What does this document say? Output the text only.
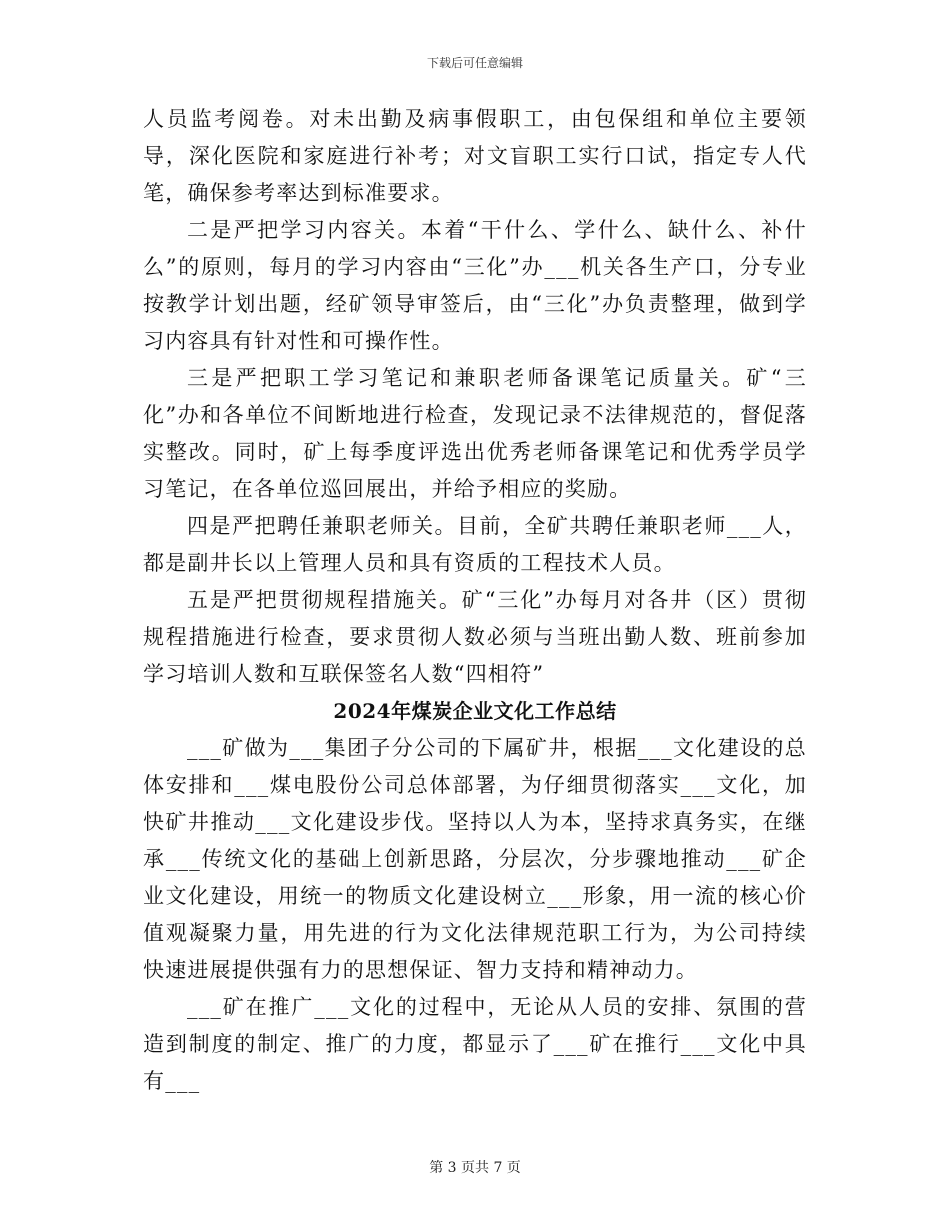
下载后可任意编辑

人员监考阅卷。对未出勤及病事假职工，由包保组和单位主要领导，深化医院和家庭进行补考；对文盲职工实行口试，指定专人代笔，确保参考率达到标准要求。

二是严把学习内容关。本着“干什么、学什么、缺什么、补什么”的原则，每月的学习内容由“三化”办___机关各生产口，分专业按教学计划出题，经矿领导审签后，由“三化”办负责整理，做到学习内容具有针对性和可操作性。

三是严把职工学习笔记和兼职老师备课笔记质量关。矿“三化”办和各单位不间断地进行检查，发现记录不法律规范的，督促落实整改。同时，矿上每季度评选出优秀老师备课笔记和优秀学员学习笔记，在各单位巡回展出，并给予相应的奖励。

四是严把聘任兼职老师关。目前，全矿共聘任兼职老师___人，都是副井长以上管理人员和具有资质的工程技术人员。

五是严把贯彻规程措施关。矿“三化”办每月对各井（区）贯彻规程措施进行检查，要求贯彻人数必须与当班出勤人数、班前参加学习培训人数和互联保签名人数“四相符”

2024年煤炭企业文化工作总结

___矿做为___集团子分公司的下属矿井，根据___文化建设的总体安排和___煤电股份公司总体部署，为仔细贯彻落实___文化，加快矿井推动___文化建设步伐。坚持以人为本，坚持求真务实，在继承___传统文化的基础上创新思路，分层次，分步骤地推动___矿企业文化建设，用统一的物质文化建设树立___形象，用一流的核心价值观凝聚力量，用先进的行为文化法律规范职工行为，为公司持续快速进展提供强有力的思想保证、智力支持和精神动力。

___矿在推广___文化的过程中，无论从人员的安排、氛围的营造到制度的制定、推广的力度，都显示了___矿在推行___文化中具有___

第 3 页共 7 页
